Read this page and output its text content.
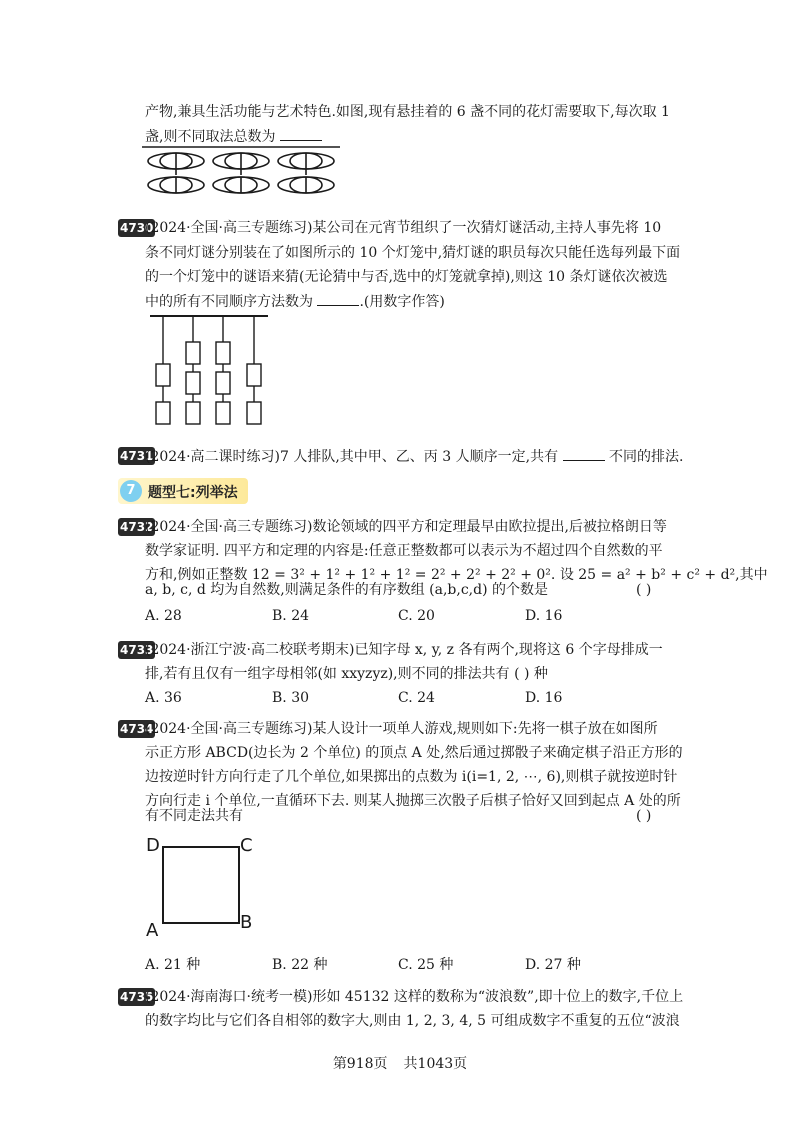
产物,兼具生活功能与艺术特色.如图,现有悬挂着的 6 盏不同的花灯需要取下,每次取 1
盏,则不同取法总数为
4730
(2024·全国·高三专题练习)某公司在元宵节组织了一次猜灯谜活动,主持人事先将 10
条不同灯谜分别装在了如图所示的 10 个灯笼中,猜灯谜的职员每次只能任选每列最下面
的一个灯笼中的谜语来猜(无论猜中与否,选中的灯笼就拿掉),则这 10 条灯谜依次被选
中的所有不同顺序方法数为	.(用数字作答)
4731
(2024·高二课时练习)7 人排队,其中甲、乙、丙 3 人顺序一定,共有	不同的排法.
7 题型七:列举法
4732
(2024·全国·高三专题练习)数论领域的四平方和定理最早由欧拉提出,后被拉格朗日等
数学家证明. 四平方和定理的内容是:任意正整数都可以表示为不超过四个自然数的平
方和,例如正整数 12 = 3² + 1² + 1² + 1² = 2² + 2² + 2² + 0². 设 25 = a² + b² + c² + d²,其中
a, b, c, d 均为自然数,则满足条件的有序数组 (a,b,c,d) 的个数是	( )
A. 28	B. 24	C. 20	D. 16
4733
(2024·浙江宁波·高二校联考期末)已知字母 x, y, z 各有两个,现将这 6 个字母排成一
排,若有且仅有一组字母相邻(如 xxyzyz),则不同的排法共有 ( ) 种
A. 36	B. 30	C. 24	D. 16
4734
(2024·全国·高三专题练习)某人设计一项单人游戏,规则如下:先将一棋子放在如图所
示正方形 ABCD(边长为 2 个单位) 的顶点 A 处,然后通过掷骰子来确定棋子沿正方形的
边按逆时针方向行走了几个单位,如果掷出的点数为 i(i=1, 2, ⋯, 6),则棋子就按逆时针
方向行走 i 个单位,一直循环下去. 则某人抛掷三次骰子后棋子恰好又回到起点 A 处的所
有不同走法共有	( )
D	C
A	B
A. 21 种	B. 22 种	C. 25 种	D. 27 种
4735
(2024·海南海口·统考一模)形如 45132 这样的数称为“波浪数”,即十位上的数字,千位上
的数字均比与它们各自相邻的数字大,则由 1, 2, 3, 4, 5 可组成数字不重复的五位“波浪
第918页 共1043页
